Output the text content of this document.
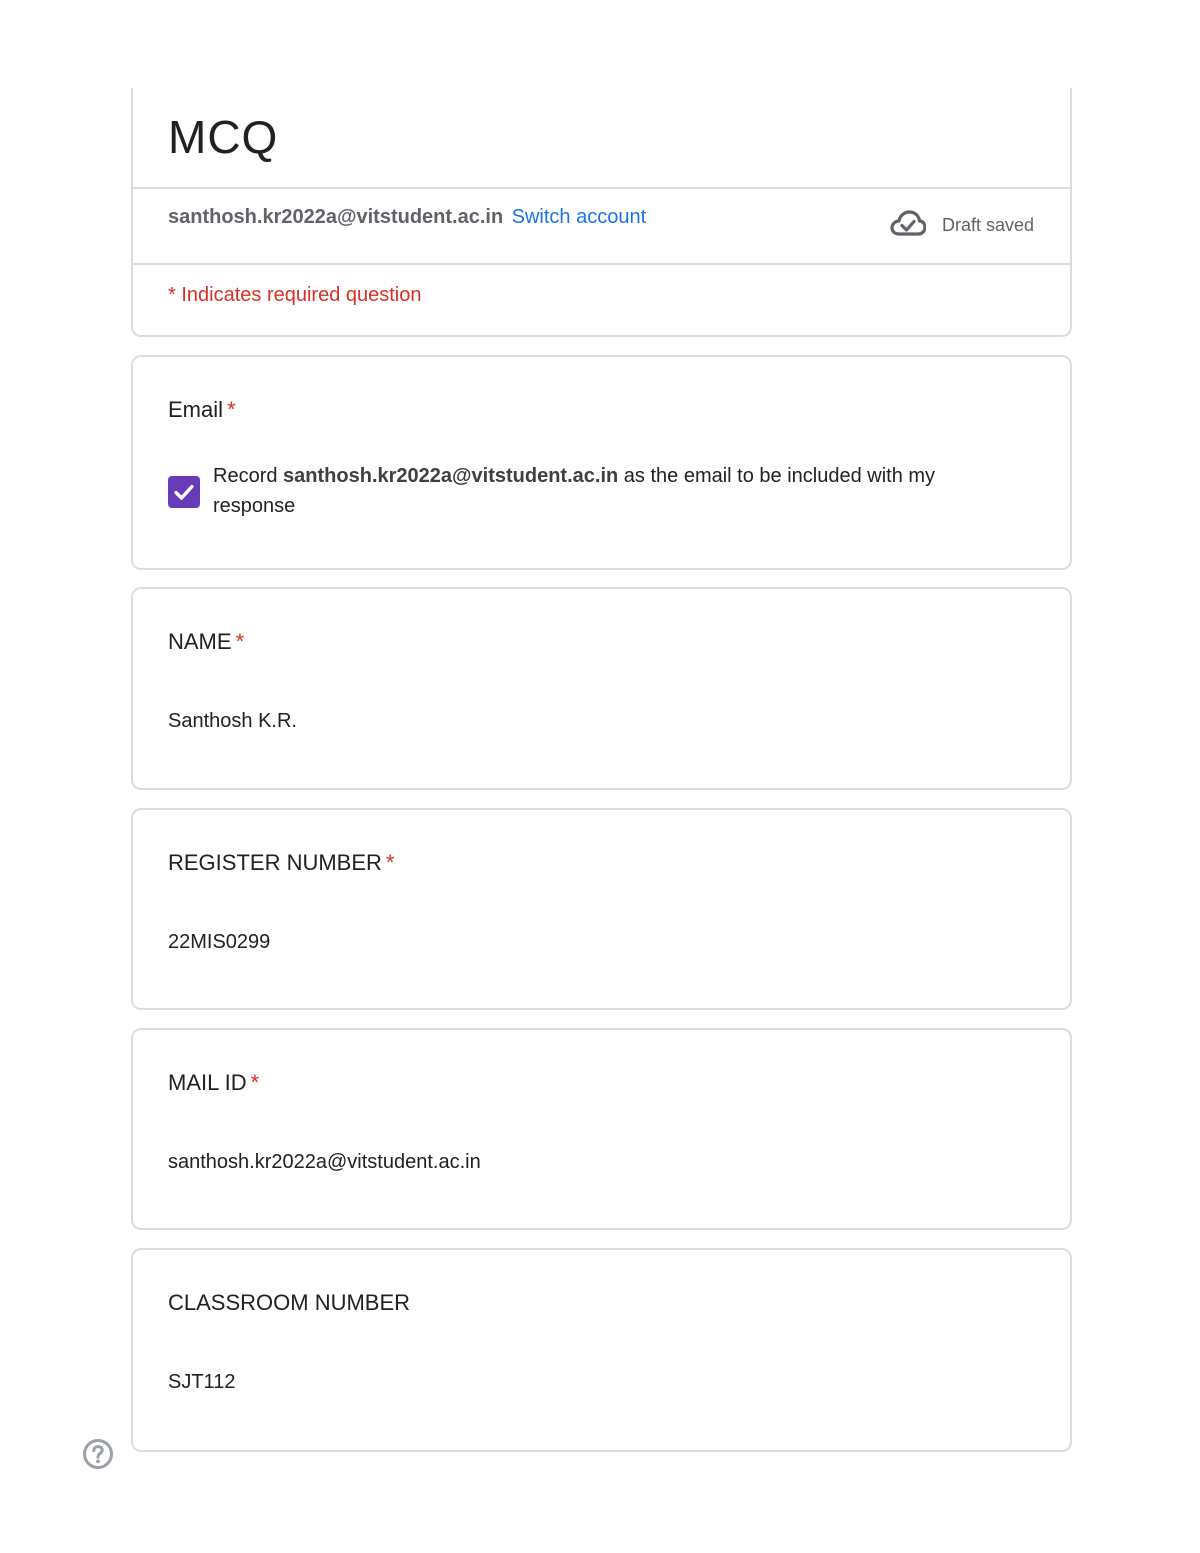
MCQ
santhosh.kr2022a@vitstudent.ac.in Switch account	Draft saved
* Indicates required question
Email *
Record santhosh.kr2022a@vitstudent.ac.in as the email to be included with my response
NAME *
Santhosh K.R.
REGISTER NUMBER *
22MIS0299
MAIL ID *
santhosh.kr2022a@vitstudent.ac.in
CLASSROOM NUMBER
SJT112
